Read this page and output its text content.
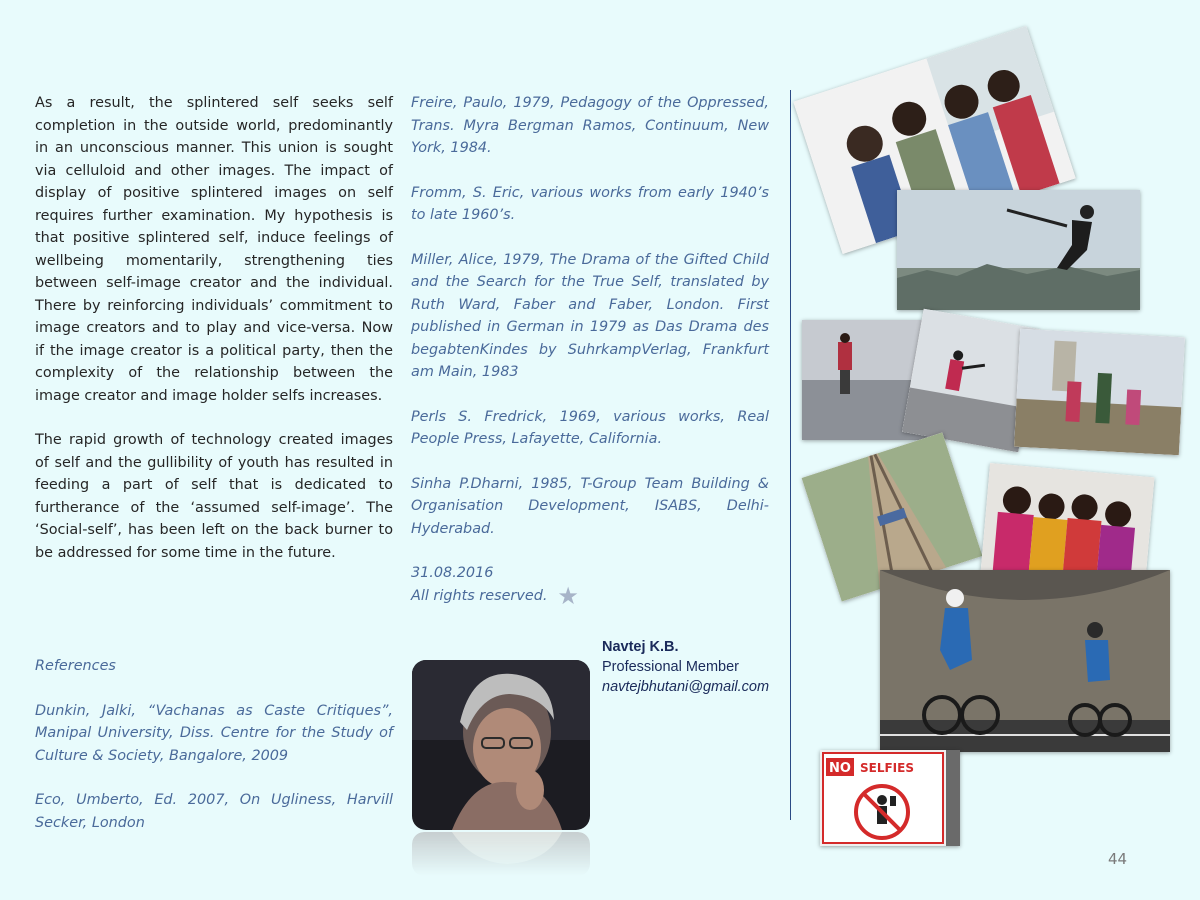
As a result, the splintered self seeks self completion in the outside world, predominantly in an unconscious manner. This union is sought via celluloid and other images. The impact of display of positive splintered images on self requires further examination. My hypothesis is that positive splintered self, induce feelings of wellbeing momentarily, strengthening ties between self-image creator and the individual. There by reinforcing individuals’ commitment to image creators and to play and vice-versa. Now if the image creator is a political party, then the complexity of the relationship between the image creator and image holder selfs increases.

The rapid growth of technology created images of self and the gullibility of youth has resulted in feeding a part of self that is dedicated to furtherance of the ‘assumed self-image’. The ‘Social-self’, has been left on the back burner to be addressed for some time in the future.

References

Dunkin, Jalki, “Vachanas as Caste Critiques”, Manipal University, Diss. Centre for the Study of Culture & Society, Bangalore, 2009

Eco, Umberto, Ed. 2007, On Ugliness, Harvill Secker, London

Freire, Paulo, 1979, Pedagogy of the Oppressed, Trans. Myra Bergman Ramos, Continuum, New York, 1984.

Fromm, S. Eric, various works from early 1940’s to late 1960’s.

Miller, Alice, 1979, The Drama of the Gifted Child and the Search for the True Self, translated by Ruth Ward, Faber and Faber, London. First published in German in 1979 as Das Drama des begabtenKindes by SuhrkampVerlag, Frankfurt am Main, 1983

Perls S. Fredrick, 1969, various works, Real People Press, Lafayette, California.

Sinha P.Dharni, 1985, T-Group Team Building & Organisation Development, ISABS, Delhi-Hyderabad.

31.08.2016
All rights reserved. ★
Navtej K.B.
Professional Member
navtejbhutani@gmail.com
NO SELFIES
44
